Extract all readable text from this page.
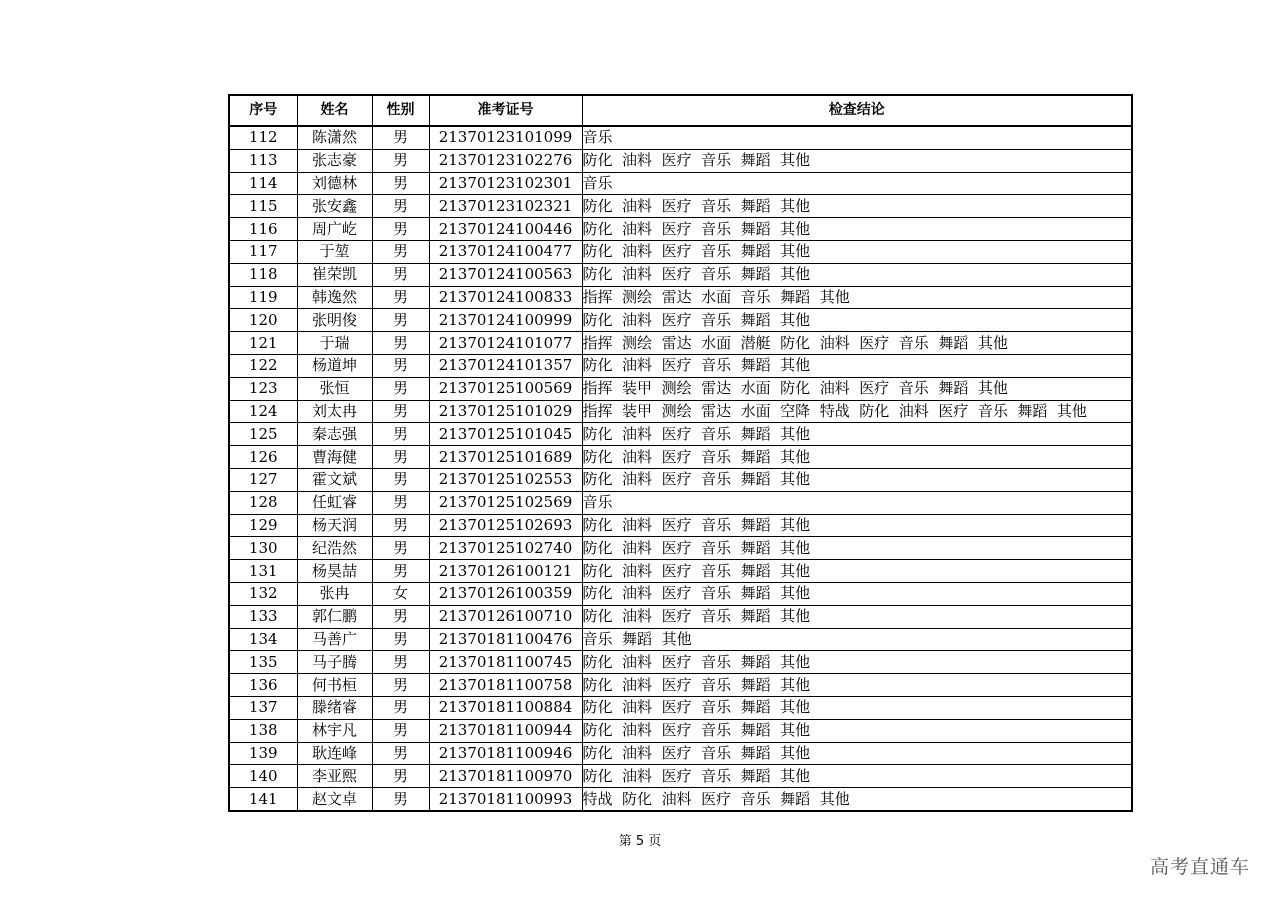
序号	姓名	性别	准考证号	检查结论
112	陈潇然	男	21370123101099	音乐
113	张志豪	男	21370123102276	防化  油料  医疗  音乐  舞蹈  其他
114	刘德林	男	21370123102301	音乐
115	张安鑫	男	21370123102321	防化  油料  医疗  音乐  舞蹈  其他
116	周广屹	男	21370124100446	防化  油料  医疗  音乐  舞蹈  其他
117	于堃	男	21370124100477	防化  油料  医疗  音乐  舞蹈  其他
118	崔荣凯	男	21370124100563	防化  油料  医疗  音乐  舞蹈  其他
119	韩逸然	男	21370124100833	指挥  测绘  雷达  水面  音乐  舞蹈  其他
120	张明俊	男	21370124100999	防化  油料  医疗  音乐  舞蹈  其他
121	于瑞	男	21370124101077	指挥  测绘  雷达  水面  潜艇  防化  油料  医疗  音乐  舞蹈  其他
122	杨道坤	男	21370124101357	防化  油料  医疗  音乐  舞蹈  其他
123	张恒	男	21370125100569	指挥  装甲  测绘  雷达  水面  防化  油料  医疗  音乐  舞蹈  其他
124	刘太冉	男	21370125101029	指挥  装甲  测绘  雷达  水面  空降  特战  防化  油料  医疗  音乐  舞蹈  其他
125	秦志强	男	21370125101045	防化  油料  医疗  音乐  舞蹈  其他
126	曹海健	男	21370125101689	防化  油料  医疗  音乐  舞蹈  其他
127	霍文斌	男	21370125102553	防化  油料  医疗  音乐  舞蹈  其他
128	任虹睿	男	21370125102569	音乐
129	杨天润	男	21370125102693	防化  油料  医疗  音乐  舞蹈  其他
130	纪浩然	男	21370125102740	防化  油料  医疗  音乐  舞蹈  其他
131	杨昊喆	男	21370126100121	防化  油料  医疗  音乐  舞蹈  其他
132	张冉	女	21370126100359	防化  油料  医疗  音乐  舞蹈  其他
133	郭仁鹏	男	21370126100710	防化  油料  医疗  音乐  舞蹈  其他
134	马善广	男	21370181100476	音乐  舞蹈  其他
135	马子腾	男	21370181100745	防化  油料  医疗  音乐  舞蹈  其他
136	何书桓	男	21370181100758	防化  油料  医疗  音乐  舞蹈  其他
137	滕绪睿	男	21370181100884	防化  油料  医疗  音乐  舞蹈  其他
138	林宇凡	男	21370181100944	防化  油料  医疗  音乐  舞蹈  其他
139	耿连峰	男	21370181100946	防化  油料  医疗  音乐  舞蹈  其他
140	李亚熙	男	21370181100970	防化  油料  医疗  音乐  舞蹈  其他
141	赵文卓	男	21370181100993	特战  防化  油料  医疗  音乐  舞蹈  其他
第 5 页
高考直通车
